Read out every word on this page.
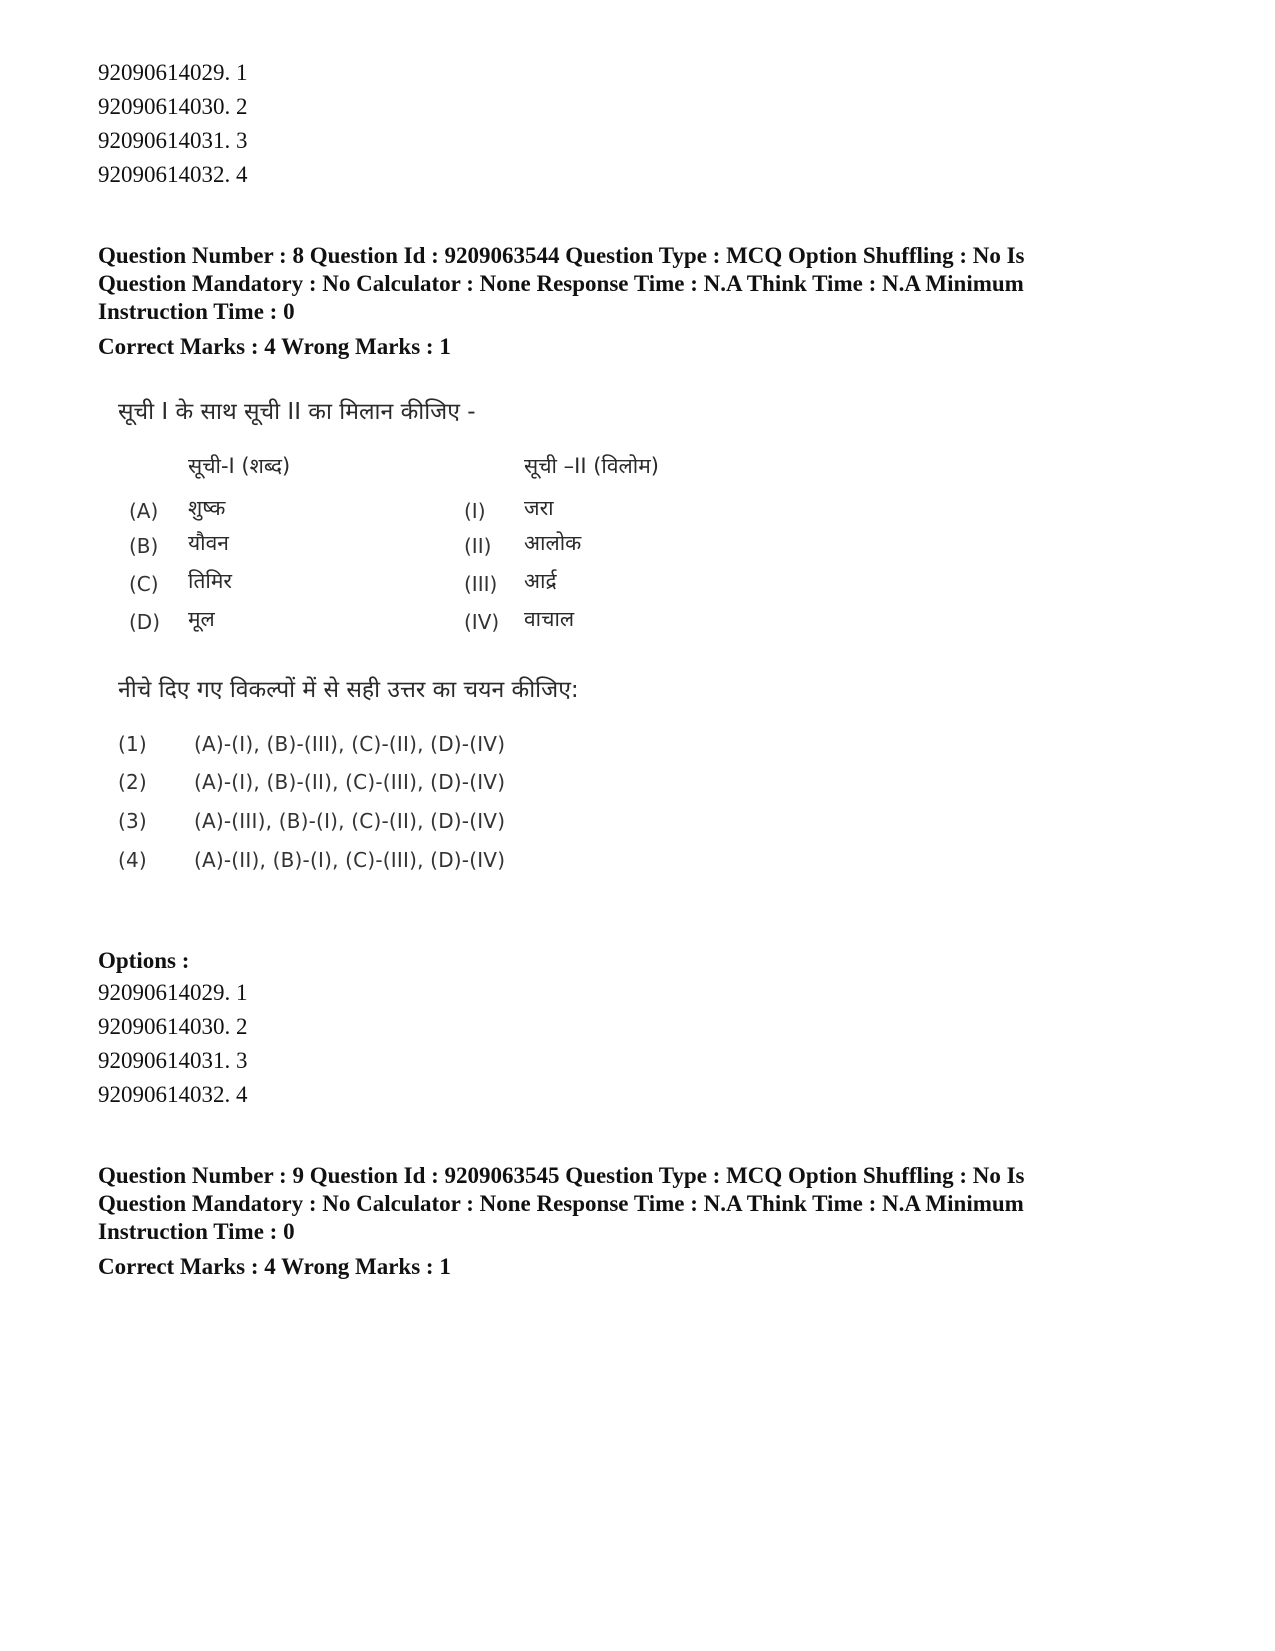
92090614029. 1
92090614030. 2
92090614031. 3
92090614032. 4
Question Number : 8 Question Id : 9209063544 Question Type : MCQ Option Shuffling : No Is
Question Mandatory : No Calculator : None Response Time : N.A Think Time : N.A Minimum
Instruction Time : 0
Correct Marks : 4 Wrong Marks : 1
सूची I के साथ सूची II का मिलान कीजिए -
सूची-I (शब्द)	सूची –II (विलोम)
(A) शुष्क	(I) जरा
(B) यौवन	(II) आलोक
(C) तिमिर	(III) आर्द्र
(D) मूल	(IV) वाचाल
नीचे दिए गए विकल्पों में से सही उत्तर का चयन कीजिए:
(1) (A)-(I), (B)-(III), (C)-(II), (D)-(IV)
(2) (A)-(I), (B)-(II), (C)-(III), (D)-(IV)
(3) (A)-(III), (B)-(I), (C)-(II), (D)-(IV)
(4) (A)-(II), (B)-(I), (C)-(III), (D)-(IV)
Options :
92090614029. 1
92090614030. 2
92090614031. 3
92090614032. 4
Question Number : 9 Question Id : 9209063545 Question Type : MCQ Option Shuffling : No Is
Question Mandatory : No Calculator : None Response Time : N.A Think Time : N.A Minimum
Instruction Time : 0
Correct Marks : 4 Wrong Marks : 1
